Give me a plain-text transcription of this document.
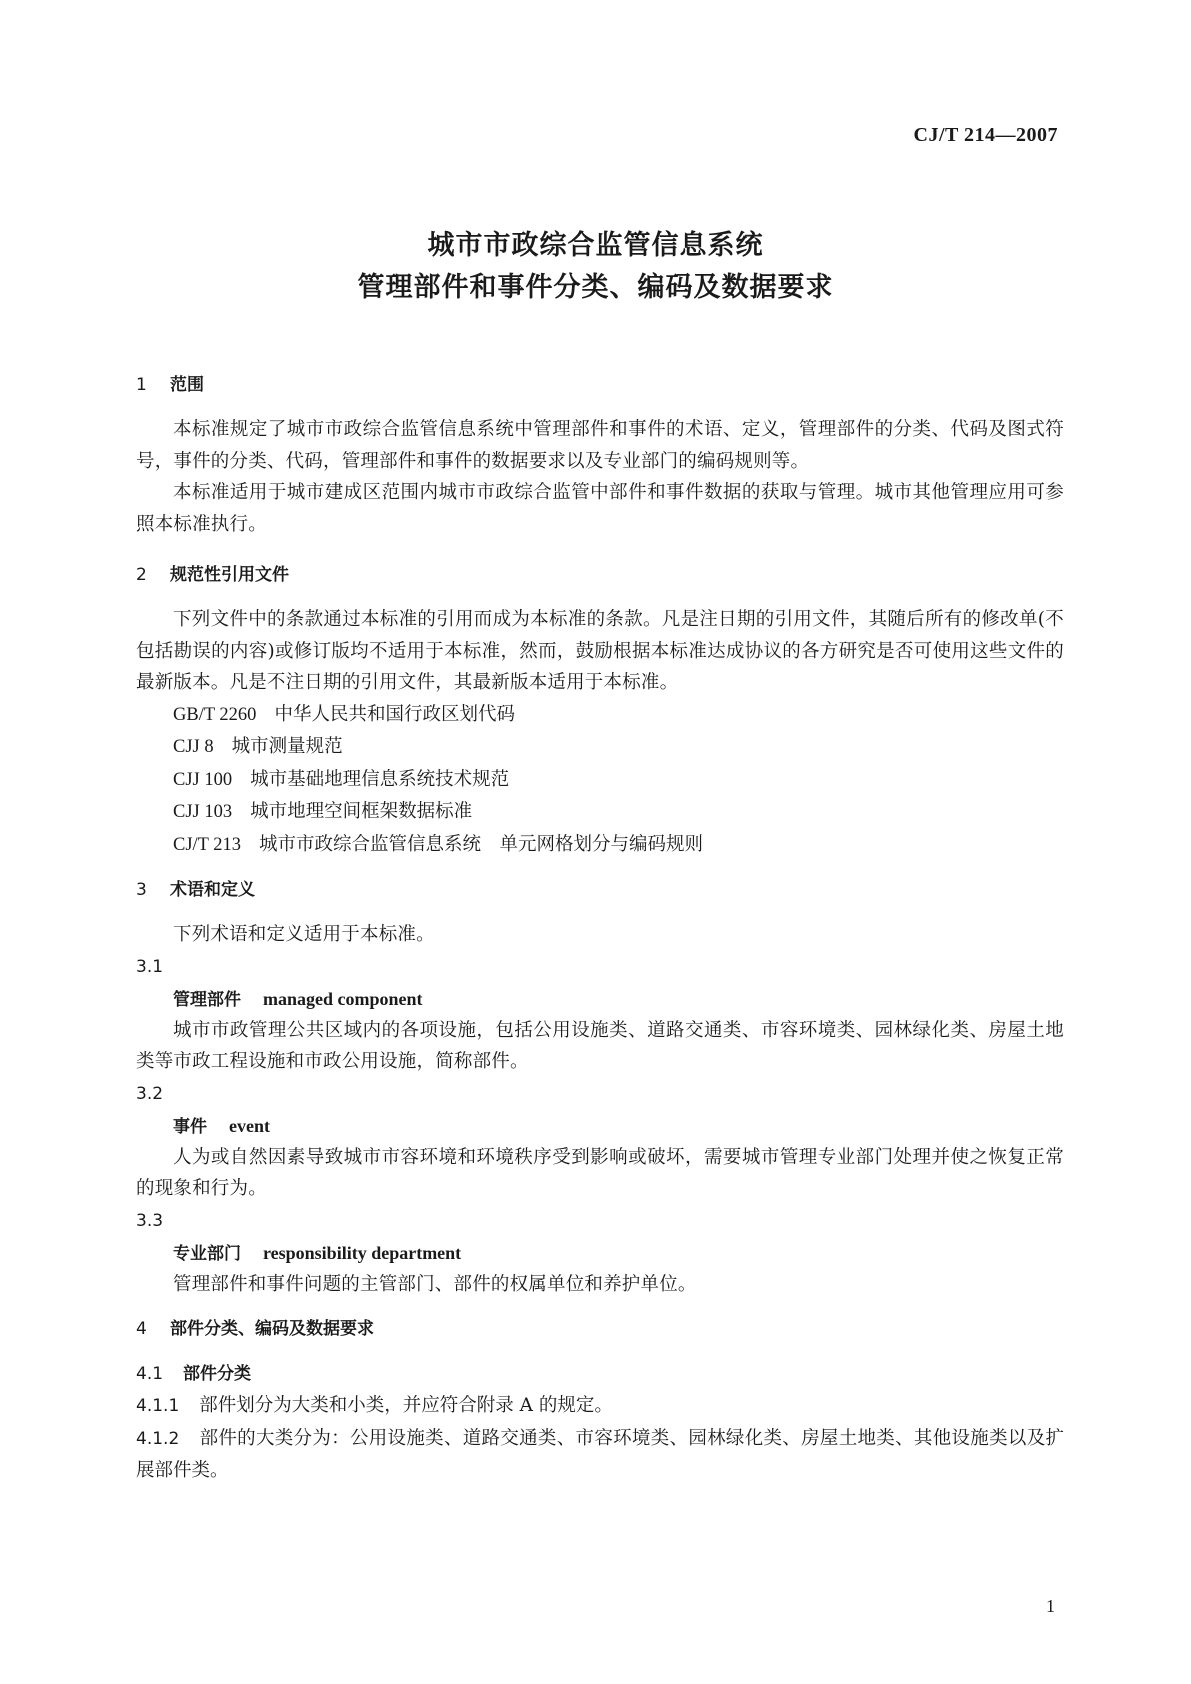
CJ/T 214—2007
城市市政综合监管信息系统
管理部件和事件分类、编码及数据要求
1 范围
本标准规定了城市市政综合监管信息系统中管理部件和事件的术语、定义，管理部件的分类、代码及图式符号，事件的分类、代码，管理部件和事件的数据要求以及专业部门的编码规则等。
本标准适用于城市建成区范围内城市市政综合监管中部件和事件数据的获取与管理。城市其他管理应用可参照本标准执行。
2 规范性引用文件
下列文件中的条款通过本标准的引用而成为本标准的条款。凡是注日期的引用文件，其随后所有的修改单(不包括勘误的内容)或修订版均不适用于本标准，然而，鼓励根据本标准达成协议的各方研究是否可使用这些文件的最新版本。凡是不注日期的引用文件，其最新版本适用于本标准。
GB/T 2260 中华人民共和国行政区划代码
CJJ 8 城市测量规范
CJJ 100 城市基础地理信息系统技术规范
CJJ 103 城市地理空间框架数据标准
CJ/T 213 城市市政综合监管信息系统　单元网格划分与编码规则
3 术语和定义
下列术语和定义适用于本标准。
3.1
管理部件 managed component
城市市政管理公共区域内的各项设施，包括公用设施类、道路交通类、市容环境类、园林绿化类、房屋土地类等市政工程设施和市政公用设施，简称部件。
3.2
事件 event
人为或自然因素导致城市市容环境和环境秩序受到影响或破坏，需要城市管理专业部门处理并使之恢复正常的现象和行为。
3.3
专业部门 responsibility department
管理部件和事件问题的主管部门、部件的权属单位和养护单位。
4 部件分类、编码及数据要求
4.1 部件分类
4.1.1 部件划分为大类和小类，并应符合附录 A 的规定。
4.1.2 部件的大类分为：公用设施类、道路交通类、市容环境类、园林绿化类、房屋土地类、其他设施类以及扩展部件类。
1
